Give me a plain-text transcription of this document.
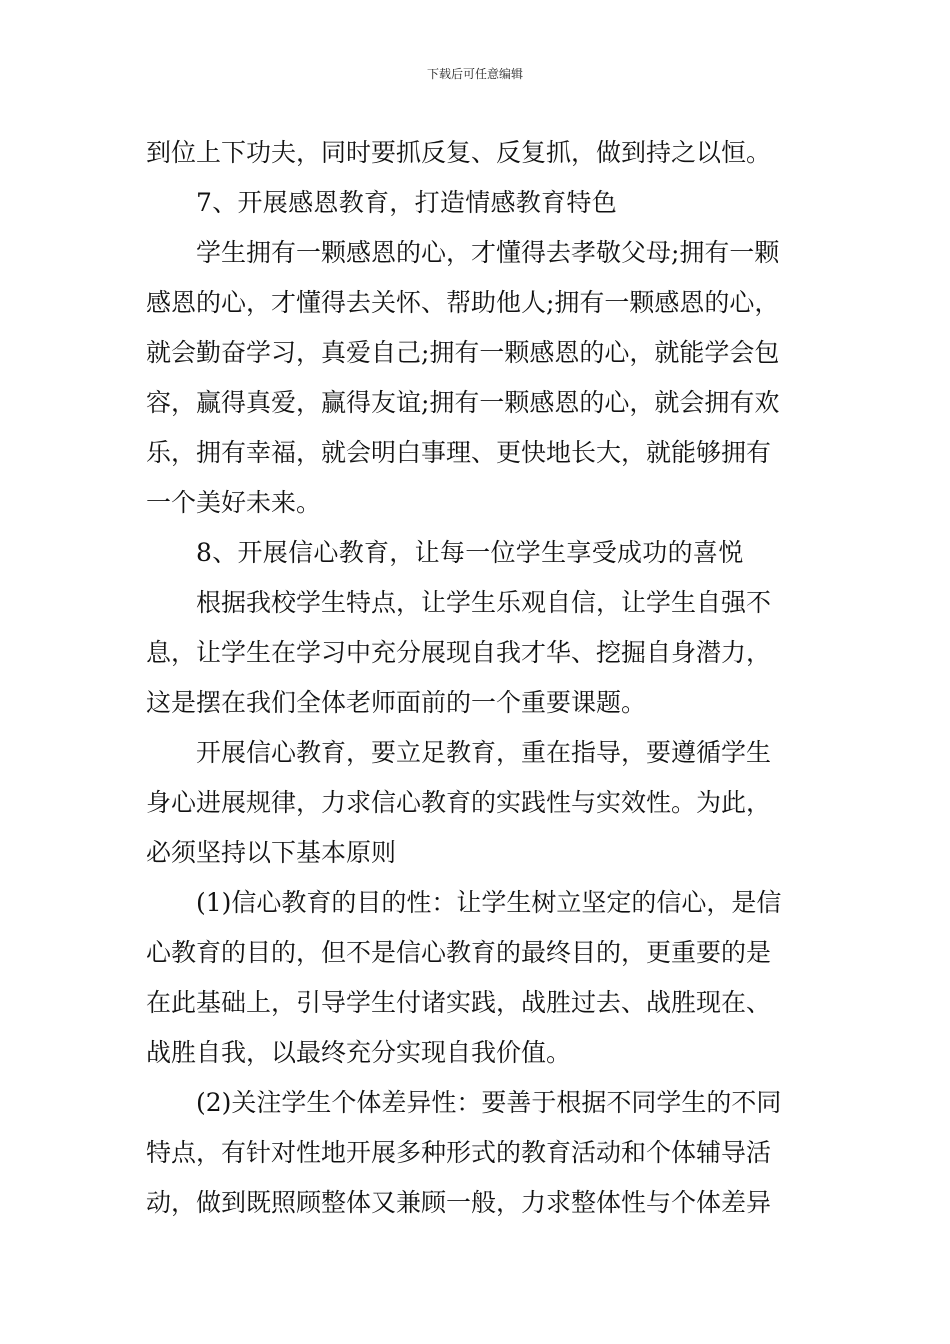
下载后可任意编辑
到位上下功夫，同时要抓反复、反复抓，做到持之以恒。
7、开展感恩教育，打造情感教育特色
学生拥有一颗感恩的心，才懂得去孝敬父母;拥有一颗
感恩的心，才懂得去关怀、帮助他人;拥有一颗感恩的心，
就会勤奋学习，真爱自己;拥有一颗感恩的心，就能学会包
容，赢得真爱，赢得友谊;拥有一颗感恩的心，就会拥有欢
乐，拥有幸福，就会明白事理、更快地长大，就能够拥有
一个美好未来。
8、开展信心教育，让每一位学生享受成功的喜悦
根据我校学生特点，让学生乐观自信，让学生自强不
息，让学生在学习中充分展现自我才华、挖掘自身潜力，
这是摆在我们全体老师面前的一个重要课题。
开展信心教育，要立足教育，重在指导，要遵循学生
身心进展规律，力求信心教育的实践性与实效性。为此，
必须坚持以下基本原则
(1)信心教育的目的性：让学生树立坚定的信心，是信
心教育的目的，但不是信心教育的最终目的，更重要的是
在此基础上，引导学生付诸实践，战胜过去、战胜现在、
战胜自我，以最终充分实现自我价值。
(2)关注学生个体差异性：要善于根据不同学生的不同
特点，有针对性地开展多种形式的教育活动和个体辅导活
动，做到既照顾整体又兼顾一般，力求整体性与个体差异
